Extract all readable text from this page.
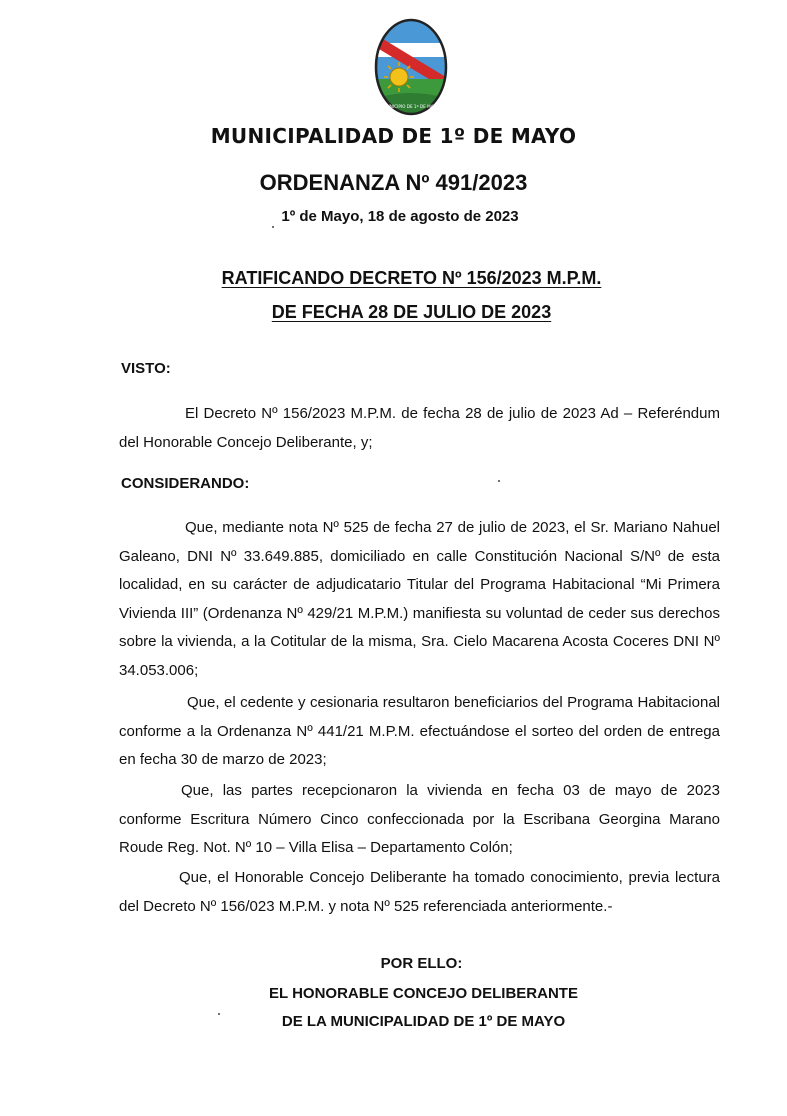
MUNICIPIO DE 1º DE MAYO
MUNICIPALIDAD DE 1º DE MAYO
ORDENANZA Nº 491/2023
1º de Mayo, 18 de agosto de 2023
RATIFICANDO DECRETO Nº 156/2023 M.P.M.
DE FECHA 28 DE JULIO DE 2023
VISTO:
El Decreto Nº 156/2023 M.P.M. de fecha 28 de julio de 2023 Ad – Referéndum del Honorable Concejo Deliberante, y;
CONSIDERANDO:
Que, mediante nota Nº 525 de fecha 27 de julio de 2023, el Sr. Mariano Nahuel Galeano, DNI Nº 33.649.885, domiciliado en calle Constitución Nacional S/Nº de esta localidad, en su carácter de adjudicatario Titular del Programa Habitacional “Mi Primera Vivienda III” (Ordenanza Nº 429/21 M.P.M.) manifiesta su voluntad de ceder sus derechos sobre la vivienda, a la Cotitular de la misma, Sra. Cielo Macarena Acosta Coceres DNI Nº 34.053.006;
Que, el cedente y cesionaria resultaron beneficiarios del Programa Habitacional conforme a la Ordenanza Nº 441/21 M.P.M. efectuándose el sorteo del orden de entrega en fecha 30 de marzo de 2023;
Que, las partes recepcionaron la vivienda en fecha 03 de mayo de 2023 conforme Escritura Número Cinco confeccionada por la Escribana Georgina Marano Roude Reg. Not. Nº 10 – Villa Elisa – Departamento Colón;
Que, el Honorable Concejo Deliberante ha tomado conocimiento, previa lectura del Decreto Nº 156/023 M.P.M. y nota Nº 525 referenciada anteriormente.-
POR ELLO:
EL HONORABLE CONCEJO DELIBERANTE
DE LA MUNICIPALIDAD DE 1º DE MAYO
